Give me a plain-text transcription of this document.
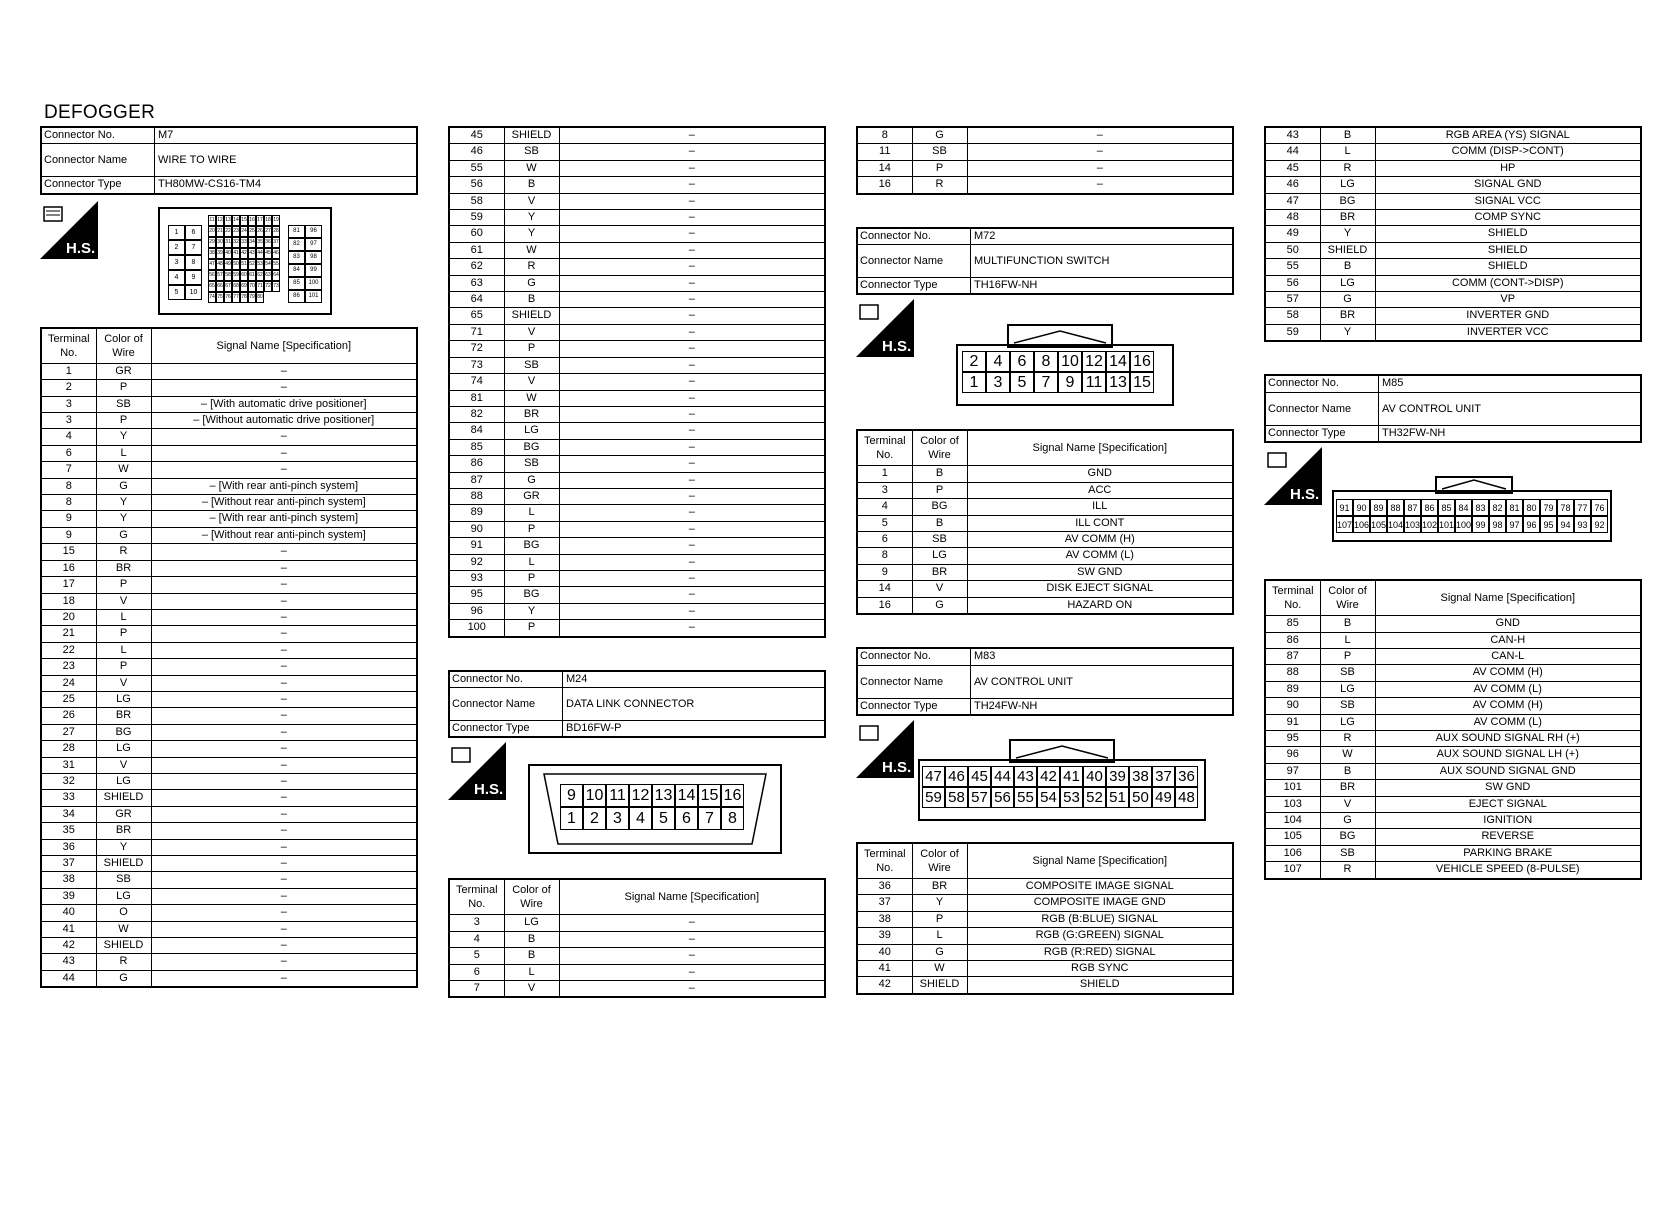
DEFOGGER
Connector No.	M7
Connector Name	WIRE TO WIRE
Connector Type	TH80MW-CS16-TM4
H.S.
1	6
2	7
3	8
4	9
5	10
11 12 13 14 15 16 17 18 19
20 21 22 23 24 25 26 27 28
29 30 31 32 33 34 35 36 37
38 39 40 41 42 43 44 45 46
47 48 49 50 51 52 53 54 55
56 57 58 59 60 61 62 63 64
65 66 67 68 69 70 71 72 73
74 75 76 77 78 79 80
81	96
82	97
83	98
84	99
85	100
86	101
Terminal No.	Color of Wire	Signal Name [Specification]
1	GR	–
2	P	–
3	SB	– [With automatic drive positioner]
3	P	– [Without automatic drive positioner]
4	Y	–
6	L	–
7	W	–
8	G	– [With rear anti-pinch system]
8	Y	– [Without rear anti-pinch system]
9	Y	– [With rear anti-pinch system]
9	G	– [Without rear anti-pinch system]
15	R	–
16	BR	–
17	P	–
18	V	–
20	L	–
21	P	–
22	L	–
23	P	–
24	V	–
25	LG	–
26	BR	–
27	BG	–
28	LG	–
31	V	–
32	LG	–
33	SHIELD	–
34	GR	–
35	BR	–
36	Y	–
37	SHIELD	–
38	SB	–
39	LG	–
40	O	–
41	W	–
42	SHIELD	–
43	R	–
44	G	–
45	SHIELD	–
46	SB	–
55	W	–
56	B	–
58	V	–
59	Y	–
60	Y	–
61	W	–
62	R	–
63	G	–
64	B	–
65	SHIELD	–
71	V	–
72	P	–
73	SB	–
74	V	–
81	W	–
82	BR	–
84	LG	–
85	BG	–
86	SB	–
87	G	–
88	GR	–
89	L	–
90	P	–
91	BG	–
92	L	–
93	P	–
95	BG	–
96	Y	–
100	P	–
Connector No.	M24
Connector Name	DATA LINK CONNECTOR
Connector Type	BD16FW-P
H.S.	9 10 11 12 13 14 15 16
1 2 3 4 5 6 7 8
Terminal No.	Color of Wire	Signal Name [Specification]
3	LG	–
4	B	–
5	B	–
6	L	–
7	V	–
8	G	–
11	SB	–
14	P	–
16	R	–
Connector No.	M72
Connector Name	MULTIFUNCTION SWITCH
Connector Type	TH16FW-NH
H.S.
2 4 6 8 10 12 14 16
1 3 5 7 9 11 13 15
Terminal No.	Color of Wire	Signal Name [Specification]
1	B	GND
3	P	ACC
4	BG	ILL
5	B	ILL CONT
6	SB	AV COMM (H)
8	LG	AV COMM (L)
9	BR	SW GND
14	V	DISK EJECT SIGNAL
16	G	HAZARD ON
Connector No.	M83
Connector Name	AV CONTROL UNIT
Connector Type	TH24FW-NH
H.S.
47 46 45 44 43 42 41 40 39 38 37 36
59 58 57 56 55 54 53 52 51 50 49 48
Terminal No.	Color of Wire	Signal Name [Specification]
36	BR	COMPOSITE IMAGE SIGNAL
37	Y	COMPOSITE IMAGE GND
38	P	RGB (B:BLUE) SIGNAL
39	L	RGB (G:GREEN) SIGNAL
40	G	RGB (R:RED) SIGNAL
41	W	RGB SYNC
42	SHIELD	SHIELD
43	B	RGB AREA (YS) SIGNAL
44	L	COMM (DISP->CONT)
45	R	HP
46	LG	SIGNAL GND
47	BG	SIGNAL VCC
48	BR	COMP SYNC
49	Y	SHIELD
50	SHIELD	SHIELD
55	B	SHIELD
56	LG	COMM (CONT->DISP)
57	G	VP
58	BR	INVERTER GND
59	Y	INVERTER VCC
Connector No.	M85
Connector Name	AV CONTROL UNIT
Connector Type	TH32FW-NH
H.S.
91 90 89 88 87 86 85 84 83 82 81 80 79 78 77 76
107 106 105 104 103 102 101 100 99 98 97 96 95 94 93 92
Terminal No.	Color of Wire	Signal Name [Specification]
85	B	GND
86	L	CAN-H
87	P	CAN-L
88	SB	AV COMM (H)
89	LG	AV COMM (L)
90	SB	AV COMM (H)
91	LG	AV COMM (L)
95	R	AUX SOUND SIGNAL RH (+)
96	W	AUX SOUND SIGNAL LH (+)
97	B	AUX SOUND SIGNAL GND
101	BR	SW GND
103	V	EJECT SIGNAL
104	G	IGNITION
105	BG	REVERSE
106	SB	PARKING BRAKE
107	R	VEHICLE SPEED (8-PULSE)
